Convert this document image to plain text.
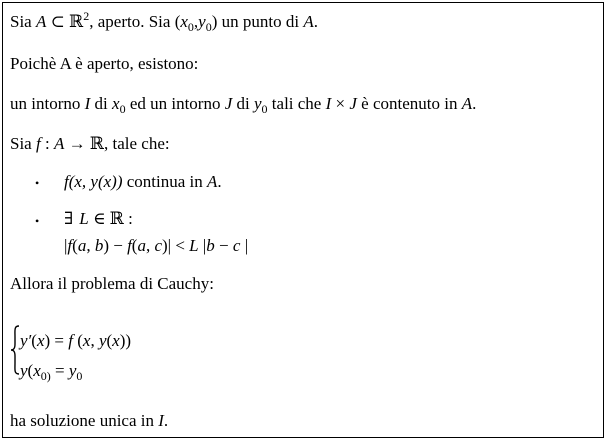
Sia A ⊂ ℝ$^2$, aperto. Sia $(x_0,y_0)$ un punto di A.
Poichè A è aperto, esistono:
un intorno I di $x_0$ ed un intorno J di $y_0$ tali che I × J è contenuto in A.
Sia f : A → ℝ, tale che:
• f(x, y(x)) continua in A.
• ∃ L ∈ ℝ :
|f(a, b) − f(a, c)| < L |b − c |
Allora il problema di Cauchy:
y′(x) = f (x, y(x))
$y(x_{0)} = y_0$
ha soluzione unica in I.
